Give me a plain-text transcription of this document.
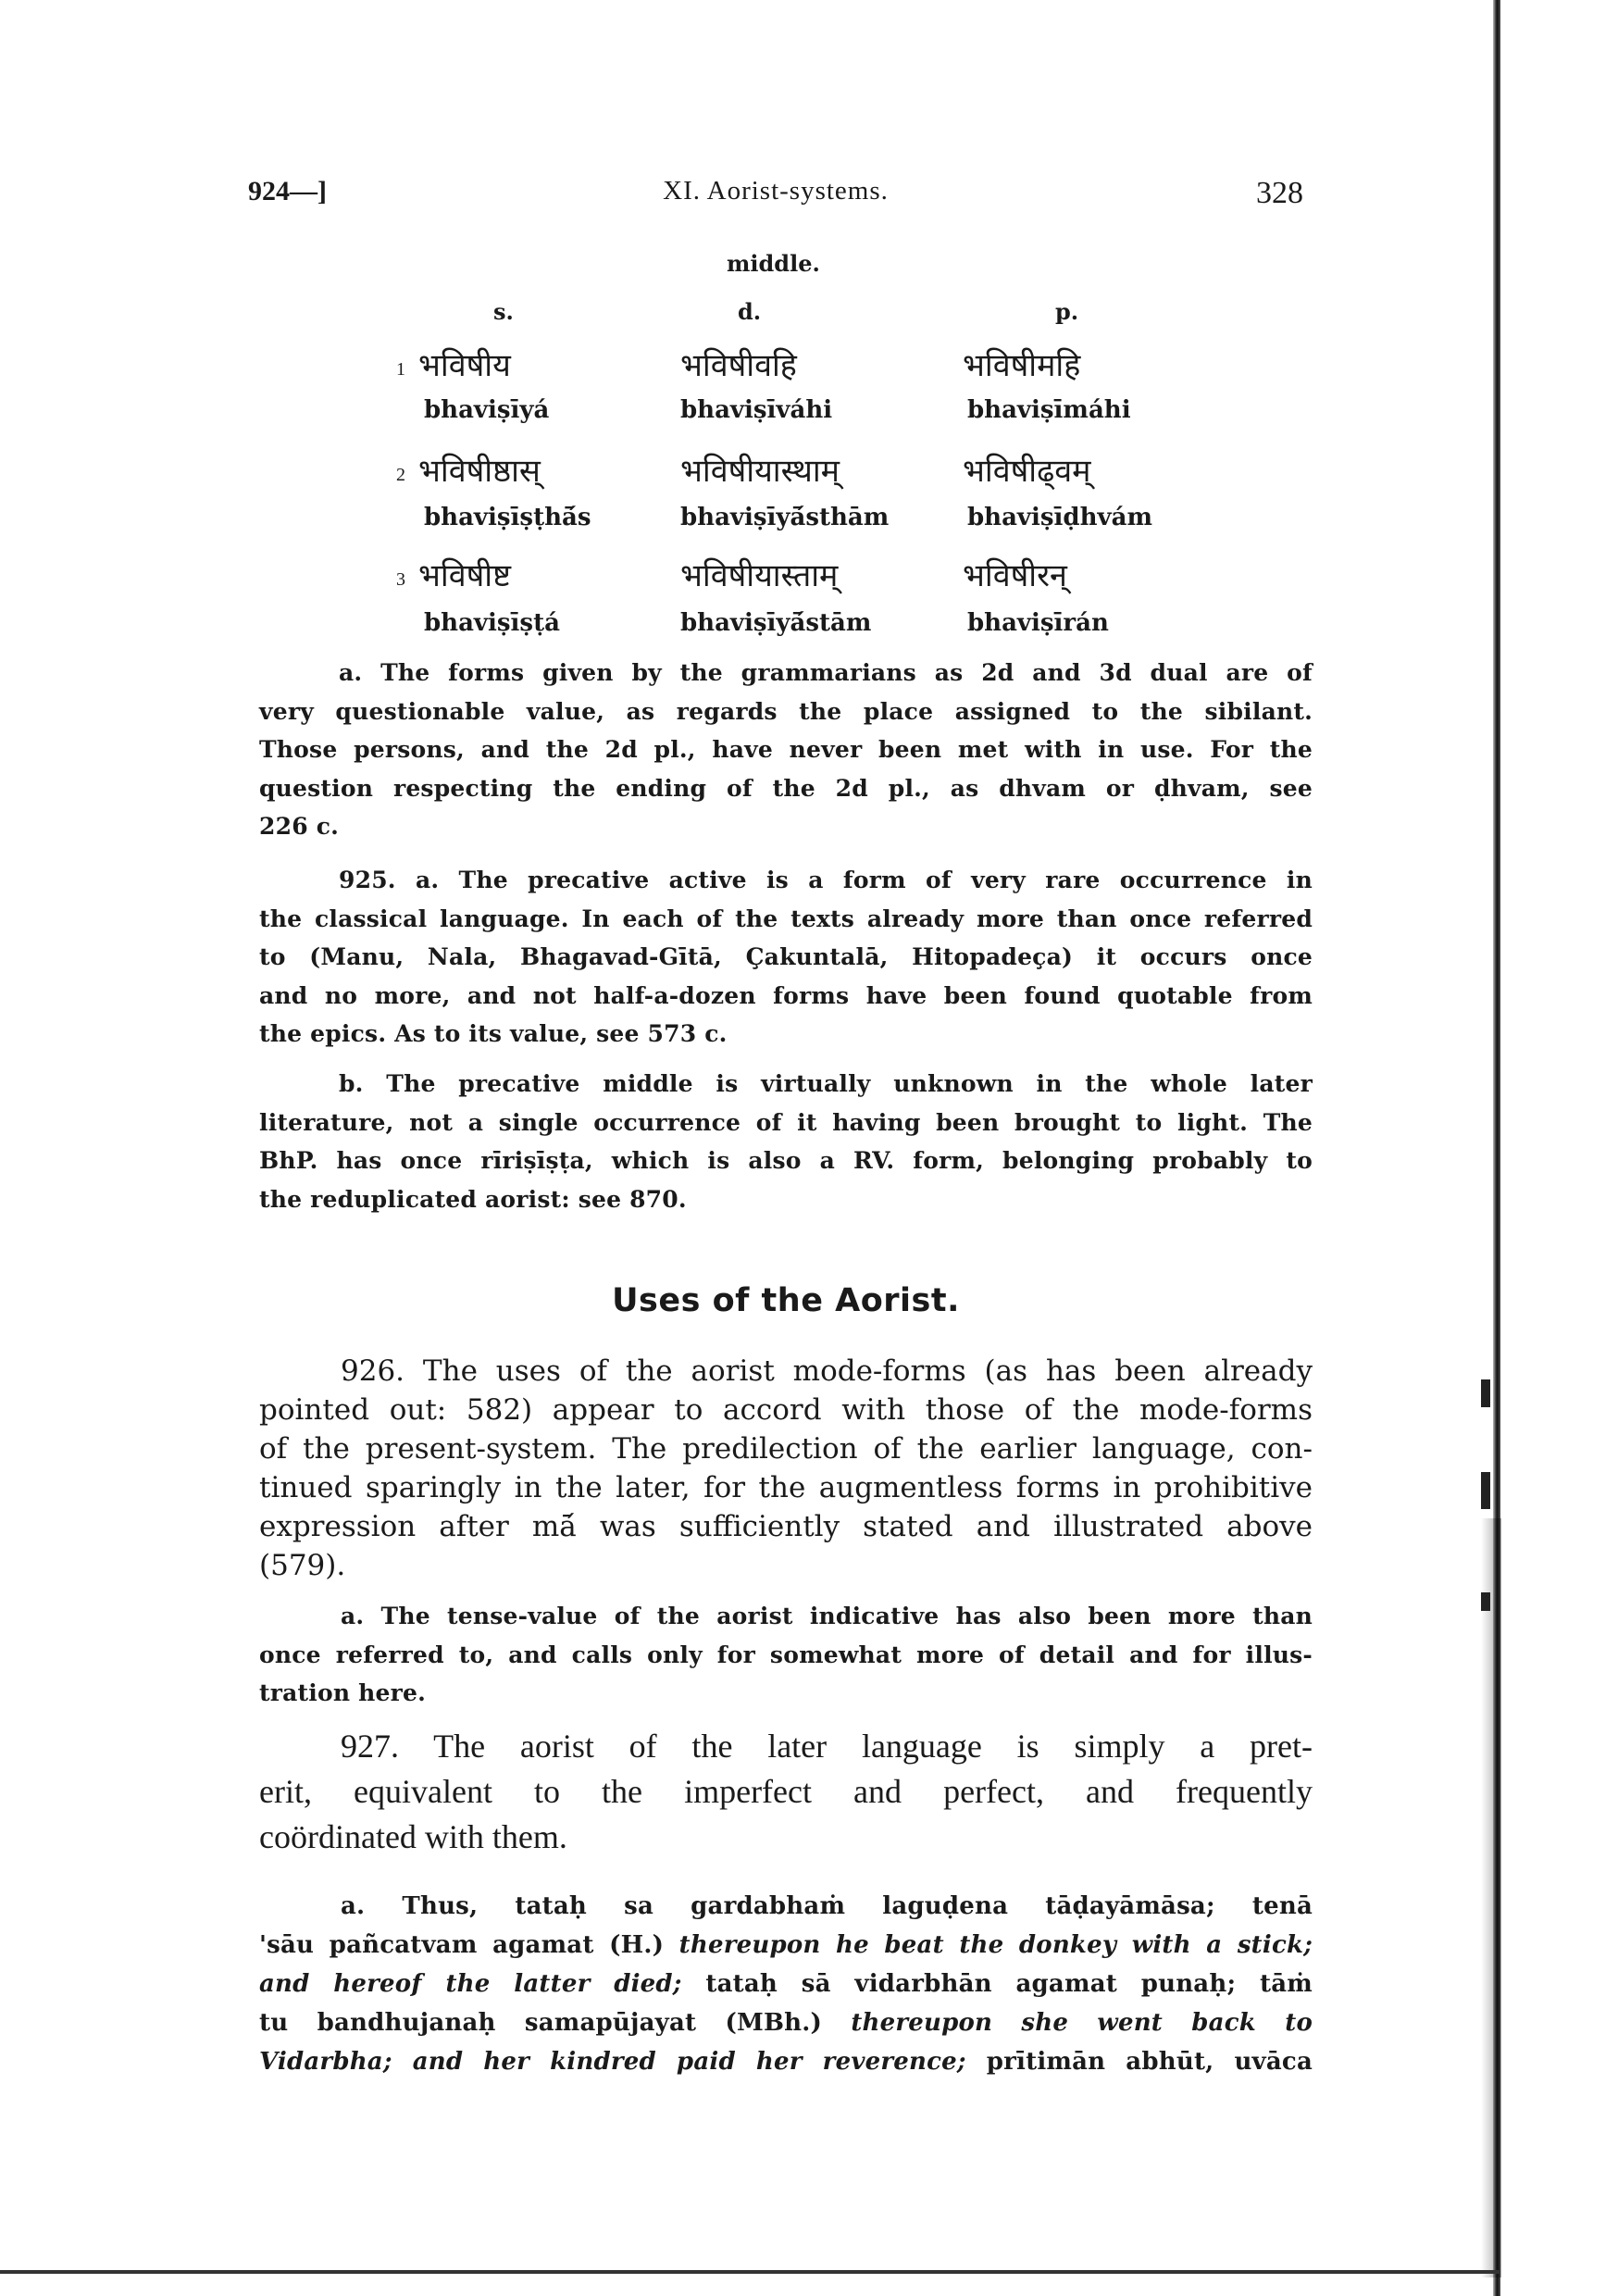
924—]	XI. Aorist-systems.	328
middle.
s.	d.	p.
1 भविषीय	भविषीवहि	भविषीमहि
bhaviṣīyá	bhaviṣīváhi	bhaviṣīmáhi
2 भविषीष्ठास्	भविषीयास्थाम्	भविषीढ्वम्
bhaviṣīṣṭhā́s	bhaviṣīyā́sthām	bhaviṣīḍhvám
3 भविषीष्ट	भविषीयास्ताम्	भविषीरन्
bhaviṣīṣṭá	bhaviṣīyā́stām	bhaviṣīrán
a. The forms given by the grammarians as 2d and 3d dual are of
very questionable value, as regards the place assigned to the sibilant.
Those persons, and the 2d pl., have never been met with in use. For the
question respecting the ending of the 2d pl., as dhvam or ḍhvam, see
226 c.
925. a. The precative active is a form of very rare occurrence in
the classical language. In each of the texts already more than once referred
to (Manu, Nala, Bhagavad-Gītā, Çakuntalā, Hitopadeça) it occurs once
and no more, and not half-a-dozen forms have been found quotable from
the epics. As to its value, see 573 c.
b. The precative middle is virtually unknown in the whole later
literature, not a single occurrence of it having been brought to light. The
BhP. has once rīriṣīṣṭa, which is also a RV. form, belonging probably to
the reduplicated aorist: see 870.
Uses of the Aorist.
926. The uses of the aorist mode-forms (as has been already
pointed out: 582) appear to accord with those of the mode-forms
of the present-system. The predilection of the earlier language, con-
tinued sparingly in the later, for the augmentless forms in prohibitive
expression after mā́ was sufficiently stated and illustrated above
(579).
a. The tense-value of the aorist indicative has also been more than
once referred to, and calls only for somewhat more of detail and for illus-
tration here.
927. The aorist of the later language is simply a pret-
erit, equivalent to the imperfect and perfect, and frequently
coördinated with them.
a. Thus, tataḥ sa gardabhaṁ laguḍena tāḍayāmāsa; tenā
'sāu pañcatvam agamat (H.) thereupon he beat the donkey with a stick;
and hereof the latter died; tataḥ sā vidarbhān agamat punaḥ; tāṁ
tu bandhujanaḥ samapūjayat (MBh.) thereupon she went back to
Vidarbha; and her kindred paid her reverence; prītimān abhūt, uvāca
